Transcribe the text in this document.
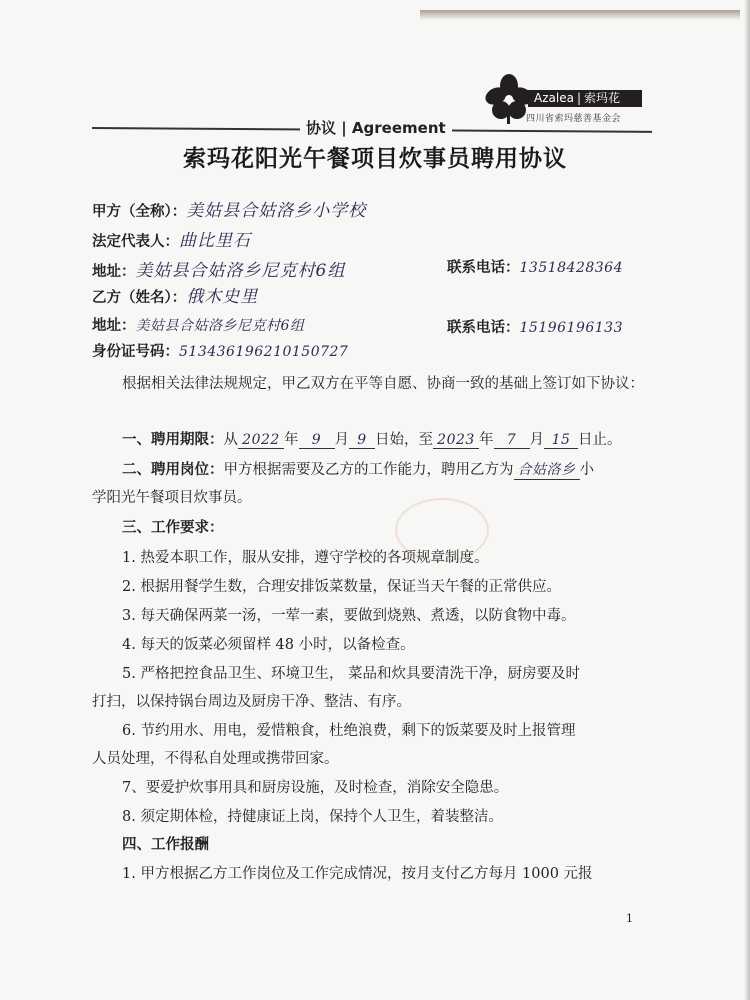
Azalea | 索玛花
四川省索玛慈善基金会
协议 | Agreement
索玛花阳光午餐项目炊事员聘用协议
甲方（全称）：美姑县合姑洛乡小学校
法定代表人：曲比里石
地址：美姑县合姑洛乡尼克村6组	联系电话：13518428364
乙方（姓名）：俄木史里
地址：美姑县合姑洛乡尼克村6组	联系电话：15196196133
身份证号码：513436196210150727
根据相关法律法规规定，甲乙双方在平等自愿、协商一致的基础上签订如下协议：
一、聘用期限：从 2022 年 9 月 9 日始，至 2023 年 7 月 15 日止。
二、聘用岗位：甲方根据需要及乙方的工作能力，聘用乙方为 合姑洛乡 小
学阳光午餐项目炊事员。
三、工作要求：
1. 热爱本职工作，服从安排，遵守学校的各项规章制度。
2. 根据用餐学生数，合理安排饭菜数量，保证当天午餐的正常供应。
3. 每天确保两菜一汤，一荤一素，要做到烧熟、煮透，以防食物中毒。
4. 每天的饭菜必须留样 48 小时，以备检查。
5. 严格把控食品卫生、环境卫生， 菜品和炊具要清洗干净，厨房要及时
打扫，以保持锅台周边及厨房干净、整洁、有序。
6. 节约用水、用电，爱惜粮食，杜绝浪费，剩下的饭菜要及时上报管理
人员处理，不得私自处理或携带回家。
7、要爱护炊事用具和厨房设施，及时检查，消除安全隐患。
8. 须定期体检，持健康证上岗，保持个人卫生，着装整洁。
四、工作报酬
1. 甲方根据乙方工作岗位及工作完成情况，按月支付乙方每月 1000 元报
1
